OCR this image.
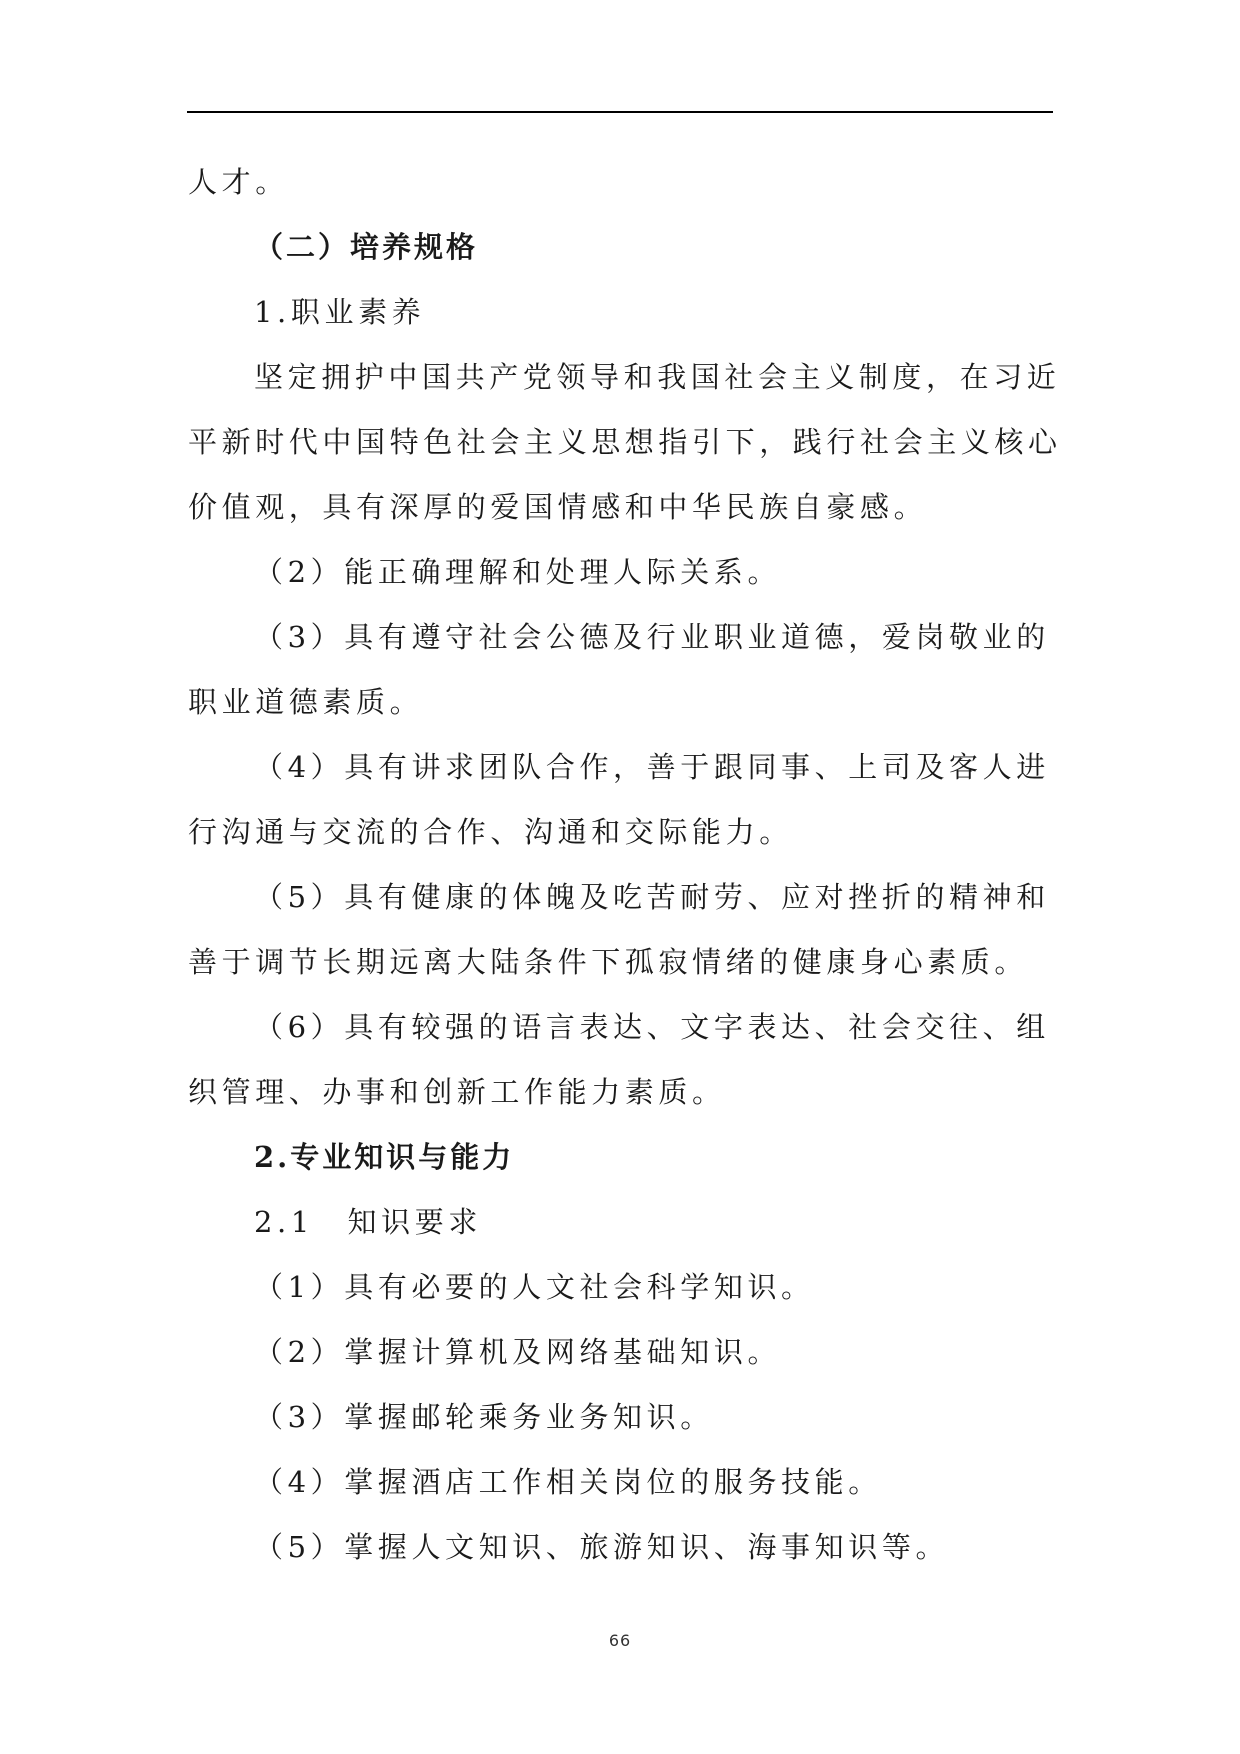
人才。
（二）培养规格
1.职业素养
坚定拥护中国共产党领导和我国社会主义制度，在习近
平新时代中国特色社会主义思想指引下，践行社会主义核心
价值观，具有深厚的爱国情感和中华民族自豪感。
（2）能正确理解和处理人际关系。
（3）具有遵守社会公德及行业职业道德，爱岗敬业的
职业道德素质。
（4）具有讲求团队合作，善于跟同事、上司及客人进
行沟通与交流的合作、沟通和交际能力。
（5）具有健康的体魄及吃苦耐劳、应对挫折的精神和
善于调节长期远离大陆条件下孤寂情绪的健康身心素质。
（6）具有较强的语言表达、文字表达、社会交往、组
织管理、办事和创新工作能力素质。
2.专业知识与能力
2.1　知识要求
（1）具有必要的人文社会科学知识。
（2）掌握计算机及网络基础知识。
（3）掌握邮轮乘务业务知识。
（4）掌握酒店工作相关岗位的服务技能。
（5）掌握人文知识、旅游知识、海事知识等。
66
